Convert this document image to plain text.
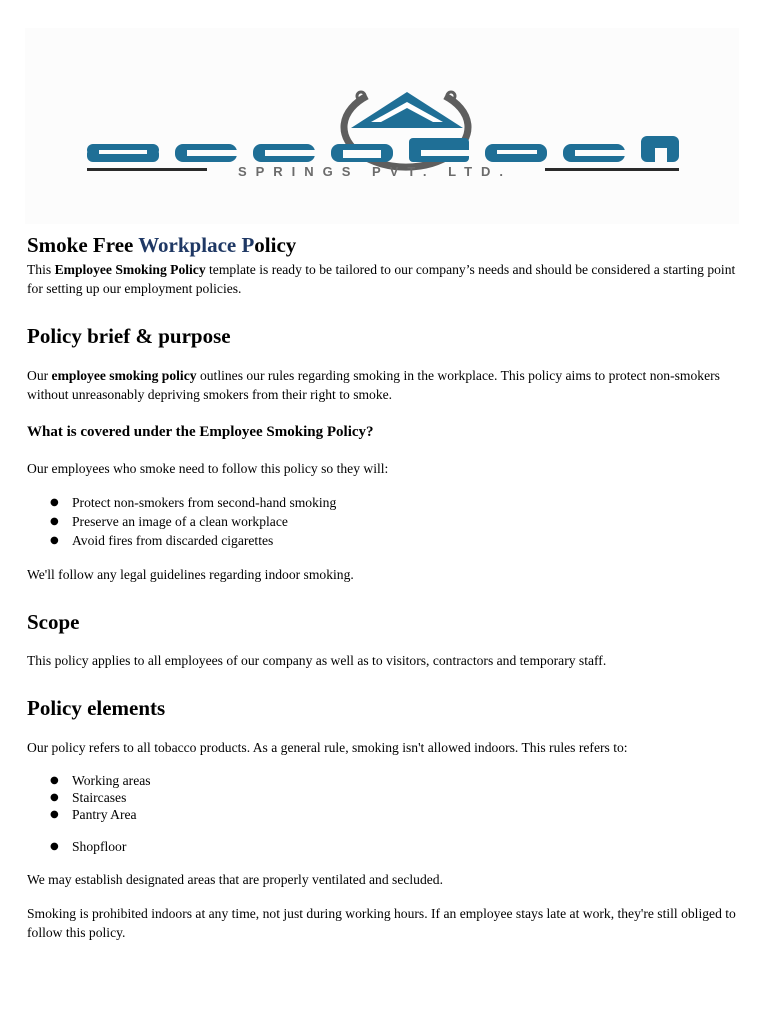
SPRINGS PVT. LTD.
Smoke Free Workplace Policy

This Employee Smoking Policy template is ready to be tailored to our company’s needs and should be considered a starting point for setting up our employment policies.

Policy brief & purpose

Our employee smoking policy outlines our rules regarding smoking in the workplace. This policy aims to protect non-smokers without unreasonably depriving smokers from their right to smoke.

What is covered under the Employee Smoking Policy?

Our employees who smoke need to follow this policy so they will:

● Protect non-smokers from second-hand smoking
● Preserve an image of a clean workplace
● Avoid fires from discarded cigarettes

We'll follow any legal guidelines regarding indoor smoking.

Scope

This policy applies to all employees of our company as well as to visitors, contractors and temporary staff.

Policy elements

Our policy refers to all tobacco products. As a general rule, smoking isn't allowed indoors. This rules refers to:

● Working areas
● Staircases
● Pantry Area
● Shopfloor

We may establish designated areas that are properly ventilated and secluded.

Smoking is prohibited indoors at any time, not just during working hours. If an employee stays late at work, they're still obliged to follow this policy.
